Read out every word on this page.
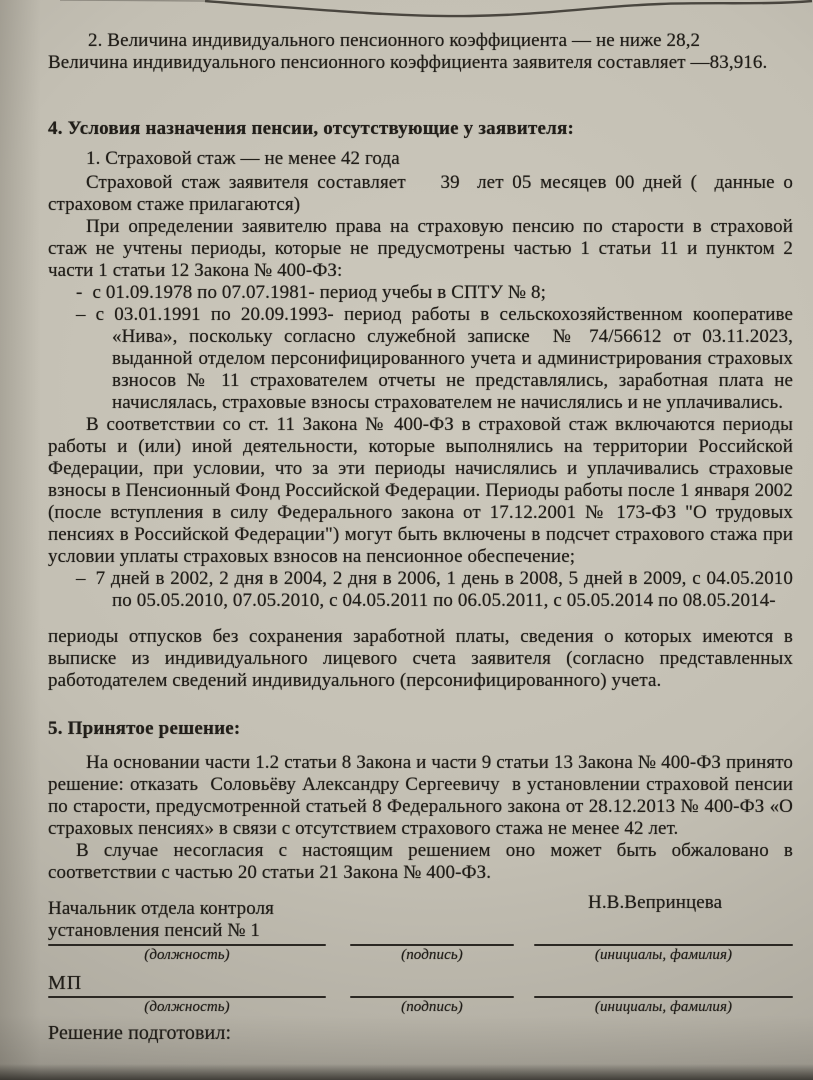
2. Величина индивидуального пенсионного коэффициента — не ниже 28,2
Величина индивидуального пенсионного коэффициента заявителя составляет —83,916.
4. Условия назначения пенсии, отсутствующие у заявителя:
1. Страховой стаж — не менее 42 года

Страховой стаж заявителя составляет    39  лет 05 месяцев 00 дней (  данные о страховом стаже прилагаются)

При определении заявителю права на страховую пенсию по старости в страховой стаж не учтены периоды, которые не предусмотрены частью 1 статьи 11 и пунктом 2 части 1 статьи 12 Закона № 400-ФЗ:

- с 01.09.1978 по 07.07.1981- период учебы в СПТУ № 8;

– с 03.01.1991 по 20.09.1993- период работы в сельскохозяйственном кооперативе «Нива», поскольку согласно служебной записке  № 74/56612 от 03.11.2023, выданной отделом персонифицированного учета и администрирования страховых взносов № 11 страхователем отчеты не представлялись, заработная плата не начислялась, страховые взносы страхователем не начислялись и не уплачивались.

В соответствии со ст. 11 Закона № 400-ФЗ в страховой стаж включаются периоды работы и (или) иной деятельности, которые выполнялись на территории Российской Федерации, при условии, что за эти периоды начислялись и уплачивались страховые взносы в Пенсионный Фонд Российской Федерации. Периоды работы после 1 января 2002 (после вступления в силу Федерального закона от 17.12.2001 № 173-ФЗ "О трудовых пенсиях в Российской Федерации") могут быть включены в подсчет страхового стажа при условии уплаты страховых взносов на пенсионное обеспечение;

– 7 дней в 2002, 2 дня в 2004, 2 дня в 2006, 1 день в 2008, 5 дней в 2009, с 04.05.2010 по 05.05.2010, 07.05.2010, с 04.05.2011 по 06.05.2011, с 05.05.2014 по 08.05.2014-

периоды отпусков без сохранения заработной платы, сведения о которых имеются в выписке из индивидуального лицевого счета заявителя (согласно представленных работодателем сведений индивидуального (персонифицированного) учета.

5. Принятое решение:

На основании части 1.2 статьи 8 Закона и части 9 статьи 13 Закона № 400-ФЗ принято решение: отказать  Соловьёву Александру Сергеевичу  в установлении страховой пенсии по старости, предусмотренной статьей 8 Федерального закона от 28.12.2013 № 400-ФЗ «О страховых пенсиях» в связи с отсутствием страхового стажа не менее 42 лет.

В случае несогласия с настоящим решением оно может быть обжаловано в соответствии с частью 20 статьи 21 Закона № 400-ФЗ.

Начальник отдела контроля
установления пенсий № 1
Н.В.Вепринцева
(должность)	(подпись)	(инициалы, фамилия)
МП
(должность)	(подпись)	(инициалы, фамилия)
Решение подготовил:
